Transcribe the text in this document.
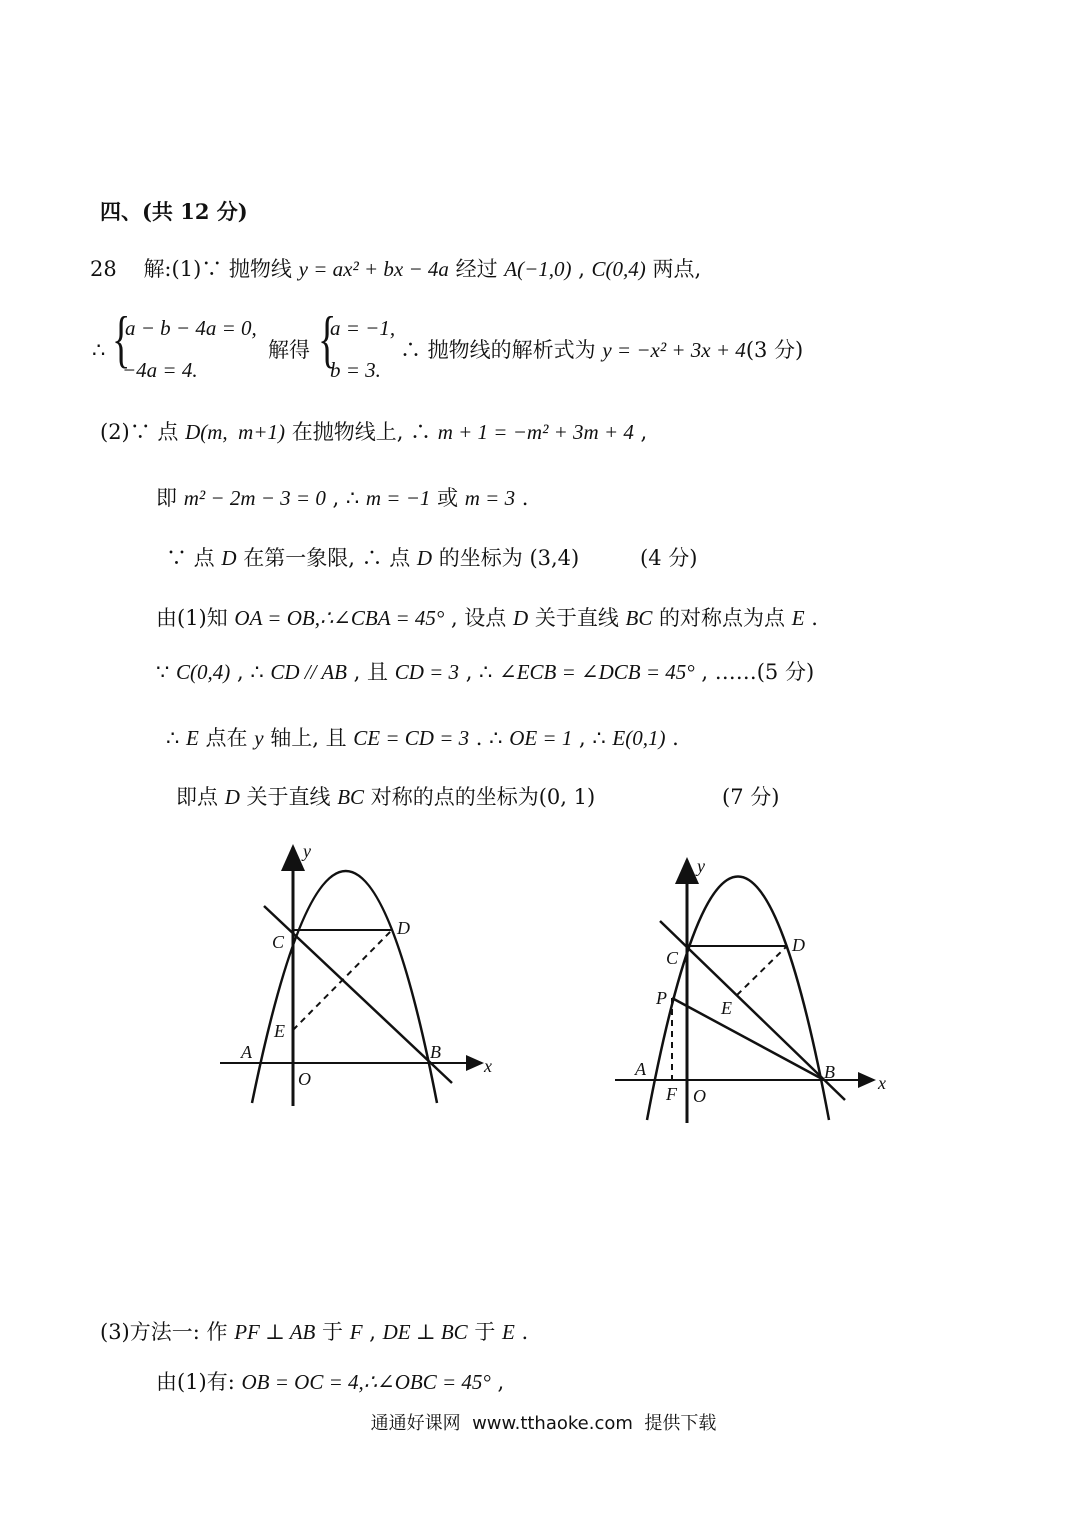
四、(共 12 分)
28 解:(1)∵ 抛物线 y = ax² + bx − 4a 经过 A(−1,0) , C(0,4) 两点,
∴ {
a − b − 4a = 0,
−4a = 4.
解得 {
a = −1,
b = 3.
∴ 抛物线的解析式为 y = −x² + 3x + 4(3 分)
(2)∵ 点 D(m,  m+1) 在抛物线上, ∴ m + 1 = −m² + 3m + 4 ,
即 m² − 2m − 3 = 0 , ∴ m = −1 或 m = 3 .
∵ 点 D 在第一象限, ∴ 点 D 的坐标为 (3,4)	(4 分)
由(1)知 OA = OB,∴∠CBA = 45° , 设点 D 关于直线 BC 的对称点为点 E .
∵ C(0,4) , ∴ CD // AB , 且 CD = 3 , ∴ ∠ECB = ∠DCB = 45° , ……(5 分)
∴ E 点在 y 轴上, 且 CE = CD = 3 . ∴ OE = 1 , ∴ E(0,1) .
即点 D 关于直线 BC 对称的点的坐标为(0, 1)	(7 分)
y
x
C
D
E
A	B
O
y
x
C
D
E
P
A	B
F O
(3)方法一: 作 PF ⊥ AB 于 F , DE ⊥ BC 于 E .
由(1)有: OB = OC = 4,∴∠OBC = 45° ,
通通好课网  www.tthaoke.com  提供下载
